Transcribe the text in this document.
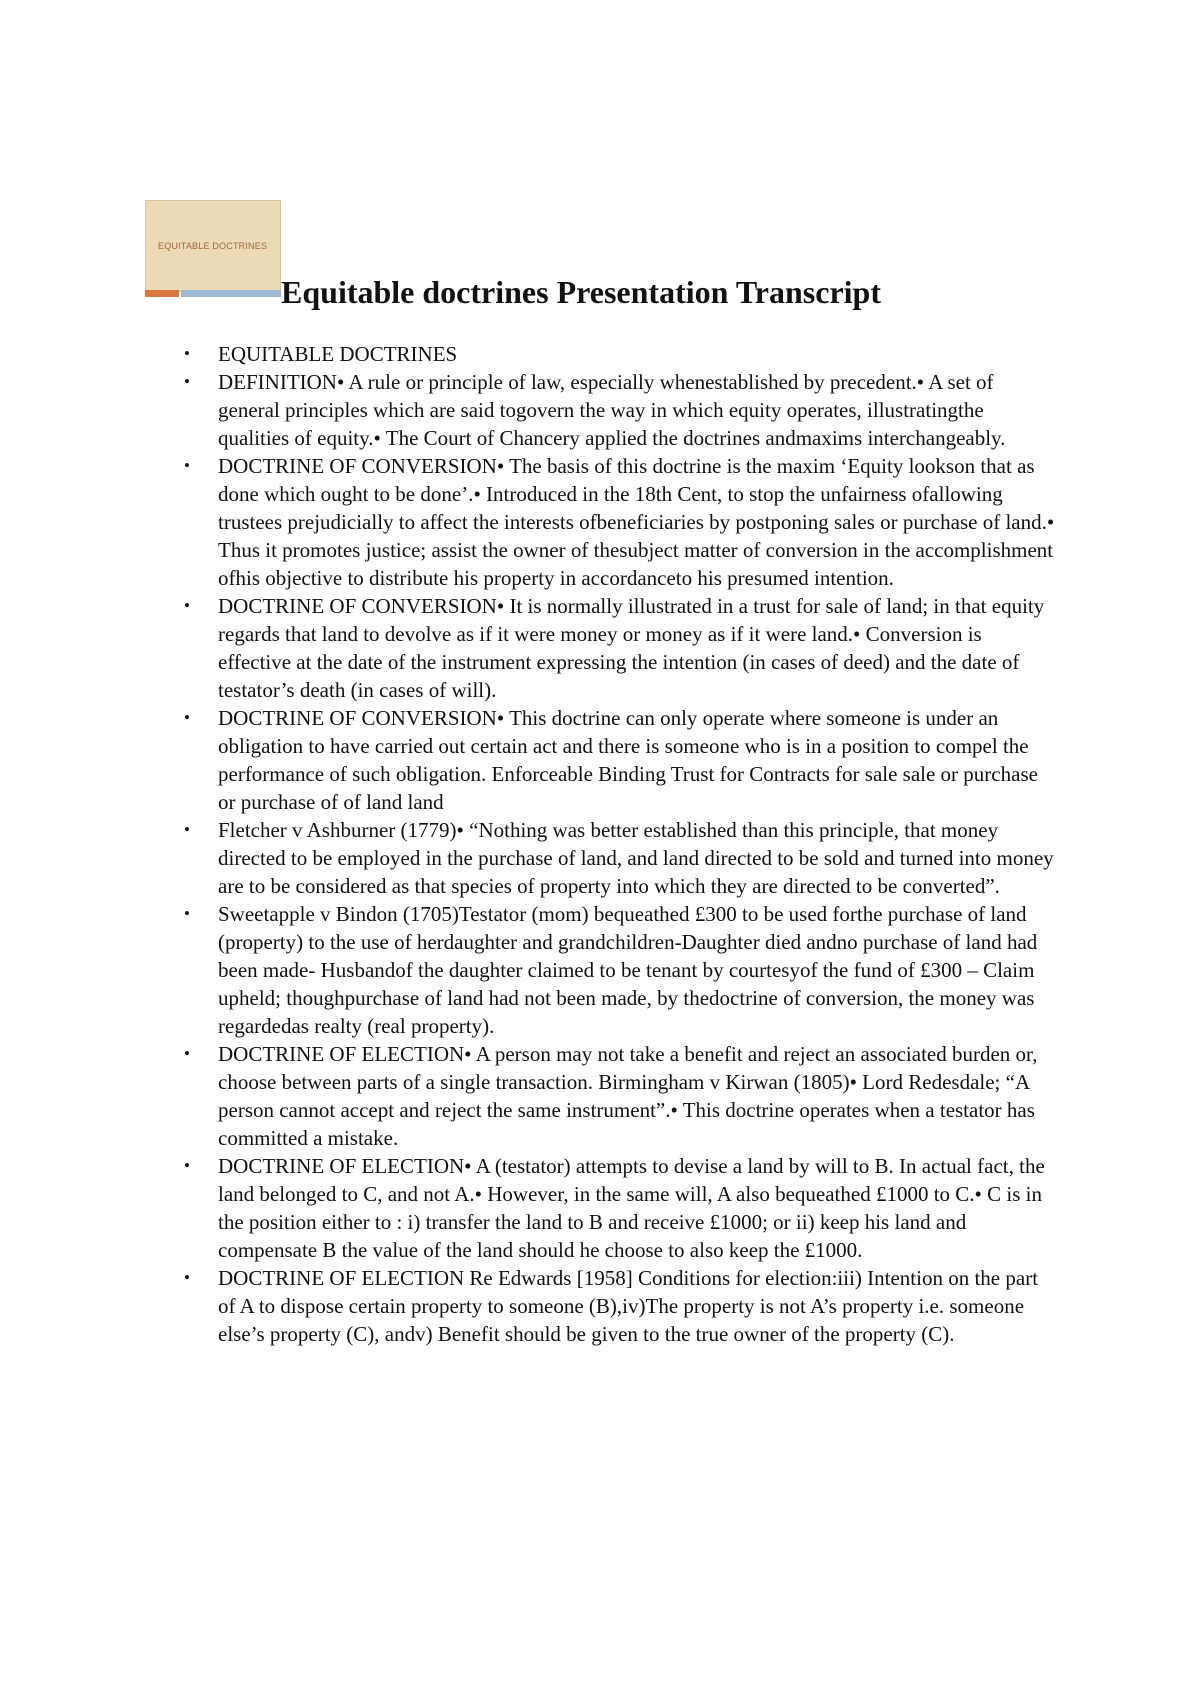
EQUITABLE DOCTRINES
Equitable doctrines Presentation Transcript
• EQUITABLE DOCTRINES
• DEFINITION• A rule or principle of law, especially whenestablished by precedent.• A set of general principles which are said togovern the way in which equity operates, illustratingthe qualities of equity.• The Court of Chancery applied the doctrines andmaxims interchangeably.
• DOCTRINE OF CONVERSION• The basis of this doctrine is the maxim ‘Equity lookson that as done which ought to be done’.• Introduced in the 18th Cent, to stop the unfairness ofallowing trustees prejudicially to affect the interests ofbeneficiaries by postponing sales or purchase of land.• Thus it promotes justice; assist the owner of thesubject matter of conversion in the accomplishment ofhis objective to distribute his property in accordanceto his presumed intention.
• DOCTRINE OF CONVERSION• It is normally illustrated in a trust for sale of land; in that equity regards that land to devolve as if it were money or money as if it were land.• Conversion is effective at the date of the instrument expressing the intention (in cases of deed) and the date of testator’s death (in cases of will).
• DOCTRINE OF CONVERSION• This doctrine can only operate where someone is under an obligation to have carried out certain act and there is someone who is in a position to compel the performance of such obligation. Enforceable Binding Trust for Contracts for sale sale or purchase or purchase of of land land
• Fletcher v Ashburner (1779)• “Nothing was better established than this principle, that money directed to be employed in the purchase of land, and land directed to be sold and turned into money are to be considered as that species of property into which they are directed to be converted”.
• Sweetapple v Bindon (1705)Testator (mom) bequeathed £300 to be used forthe purchase of land (property) to the use of herdaughter and grandchildren-Daughter died andno purchase of land had been made- Husbandof the daughter claimed to be tenant by courtesyof the fund of £300 – Claim upheld; thoughpurchase of land had not been made, by thedoctrine of conversion, the money was regardedas realty (real property).
• DOCTRINE OF ELECTION• A person may not take a benefit and reject an associated burden or, choose between parts of a single transaction. Birmingham v Kirwan (1805)• Lord Redesdale; “A person cannot accept and reject the same instrument”.• This doctrine operates when a testator has committed a mistake.
• DOCTRINE OF ELECTION• A (testator) attempts to devise a land by will to B. In actual fact, the land belonged to C, and not A.• However, in the same will, A also bequeathed £1000 to C.• C is in the position either to : i) transfer the land to B and receive £1000; or ii) keep his land and compensate B the value of the land should he choose to also keep the £1000.
• DOCTRINE OF ELECTION Re Edwards [1958] Conditions for election:iii) Intention on the part of A to dispose certain property to someone (B),iv)The property is not A’s property i.e. someone else’s property (C), andv) Benefit should be given to the true owner of the property (C).
